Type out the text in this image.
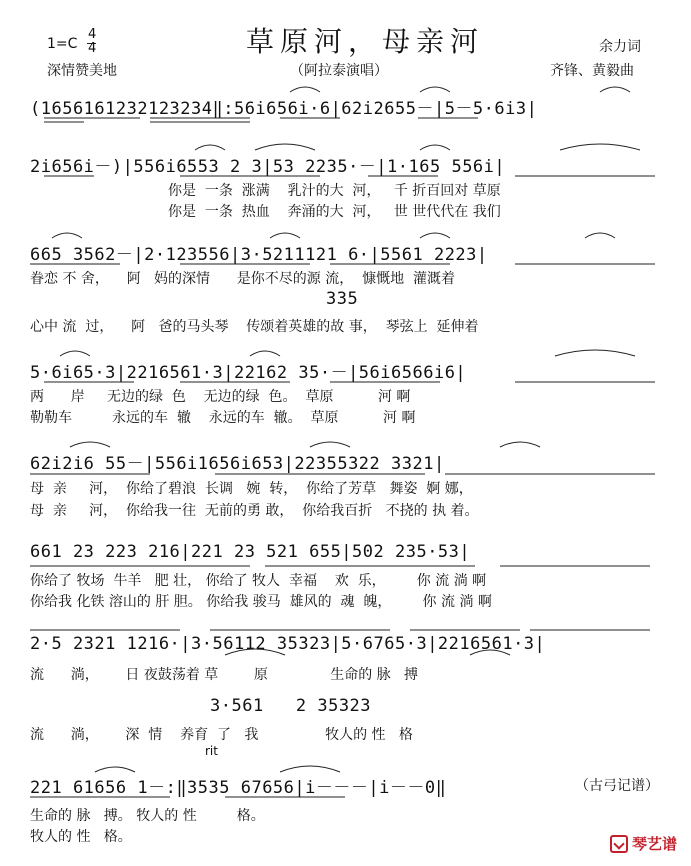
1=C
4
4
深情赞美地
草原河，母亲河
（阿拉泰演唱）
余力词
齐锋、黄毅曲
(1656161232123234‖:56i656i·6|62i2655－|5－5·6i3|
2i656i－)|556i6553 2 3|53 2235·－|1·165 556i|
你是  一条  涨满    乳汁的大  河，   千 折百回对 草原
你是  一条  热血    奔涌的大  河，   世 世代代在 我们
665 3562－|2·123556|3·5211121 6·|5561 2223|
眷恋 不 舍，    阿   妈的深情      是你不尽的源 流，  慷慨地  灌溉着
335
心中 流  过，    阿   爸的马头琴    传颂着英雄的故 事，  琴弦上  延伸着
5·6i65·3|2216561·3|22162 35·－|56i6566i6|
两      岸     无边的绿  色    无边的绿  色。  草原          河 啊
勒勒车         永远的车  辙    永远的车  辙。  草原          河 啊
62i2i6 55－|556i1656i653|22355322 3321|
母  亲     河，  你给了碧浪  长调   婉  转，  你给了芳草   舞姿  婀 娜，
母  亲     河，  你给我一往  无前的勇 敢，  你给我百折   不挠的 执 着。
661 23 223 216|221 23 521 655|502 235·53|
你给了 牧场  牛羊   肥 壮， 你给了 牧人  幸福    欢  乐，       你 流 淌 啊
你给我 化铁 溶山的 肝 胆。 你给我 骏马  雄风的  魂  魄，       你 流 淌 啊
2·5 2321 1216·|3·56112 35323|5·6765·3|2216561·3|
流      淌，      日 夜鼓荡着 草        原              生命的 脉   搏
3·561   2 35323
流      淌，      深  情    养育  了   我               牧人的 性   格
rit
221 61656 1－:‖3535 67656|i－－－|i－－0‖	（古弓记谱）
生命的 脉   搏。 牧人的 性         格。
牧人的 性   格。	琴艺谱
